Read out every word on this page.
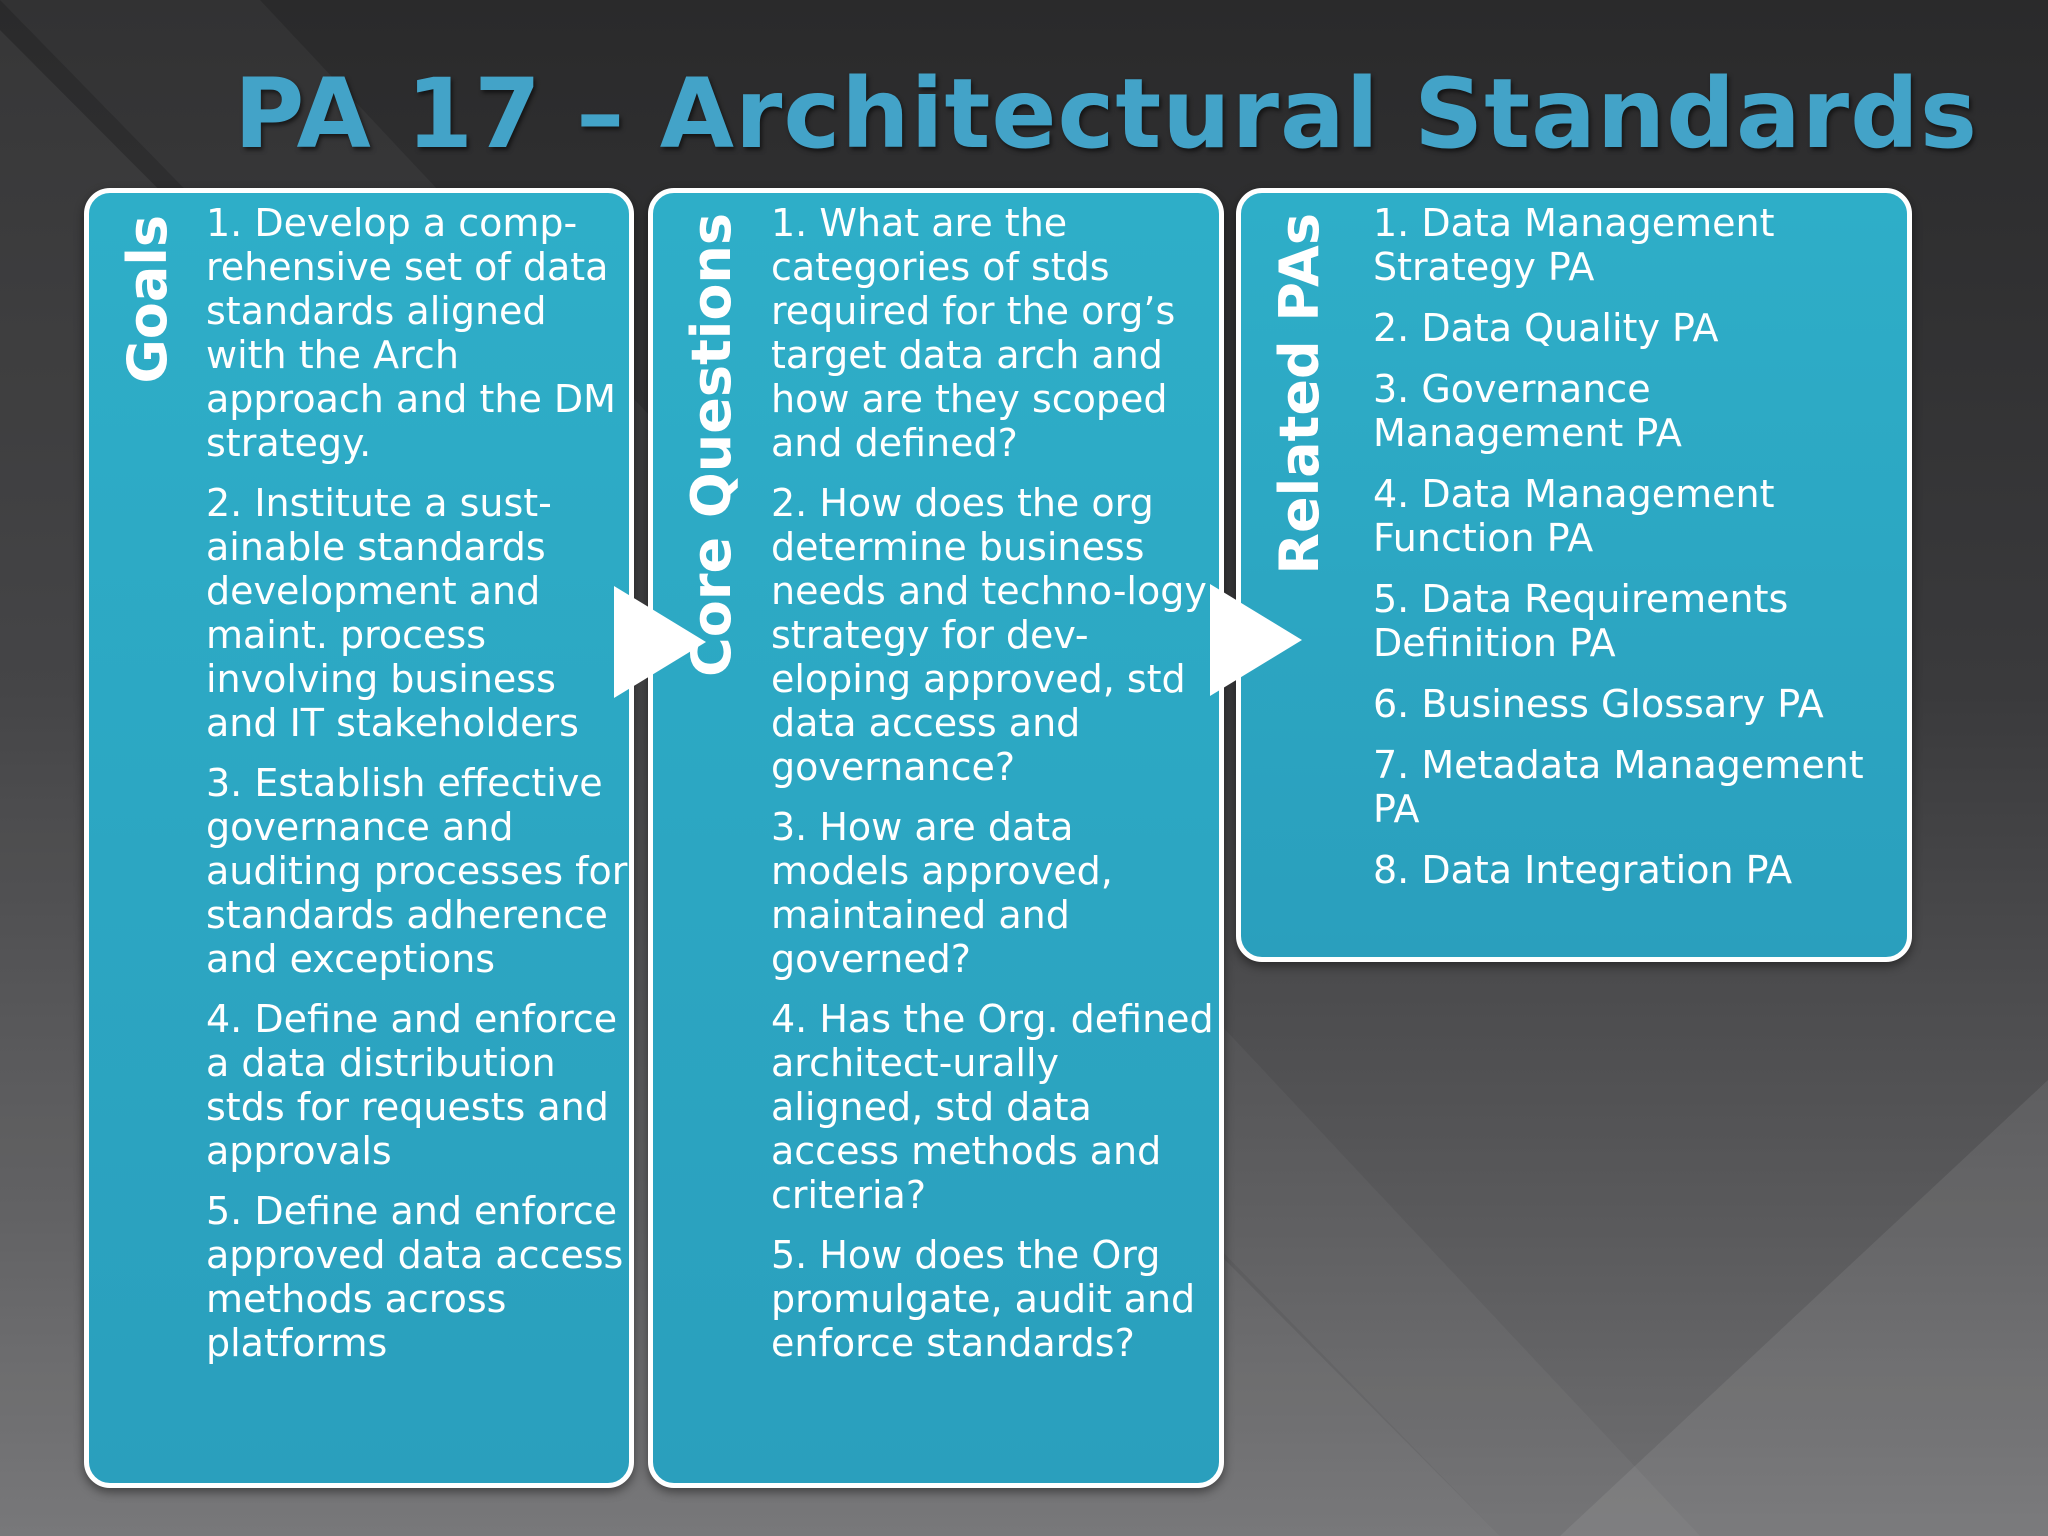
PA 17 – Architectural Standards
Goals 1. Develop a comp-rehensive set of data standards aligned with the Arch approach and the DM strategy.
2. Institute a sust-ainable standards development and maint. process involving business and IT stakeholders
3. Establish effective governance and auditing processes for standards adherence and exceptions
4. Define and enforce a data distribution stds for requests and approvals
5. Define and enforce approved data access methods across platforms
Core Questions 1. What are the categories of stds required for the org’s target data arch and how are they scoped and defined?
2. How does the org determine business needs and techno-logy strategy for dev-eloping approved, std data access and governance?
3. How are data models approved, maintained and governed?
4. Has the Org. defined architect-urally aligned, std data access methods and criteria?
5. How does the Org promulgate, audit and enforce standards?
Related PAs 1. Data Management Strategy PA
2. Data Quality PA
3. Governance Management PA
4. Data Management Function PA
5. Data Requirements Definition PA
6. Business Glossary PA
7. Metadata Management PA
8. Data Integration PA
